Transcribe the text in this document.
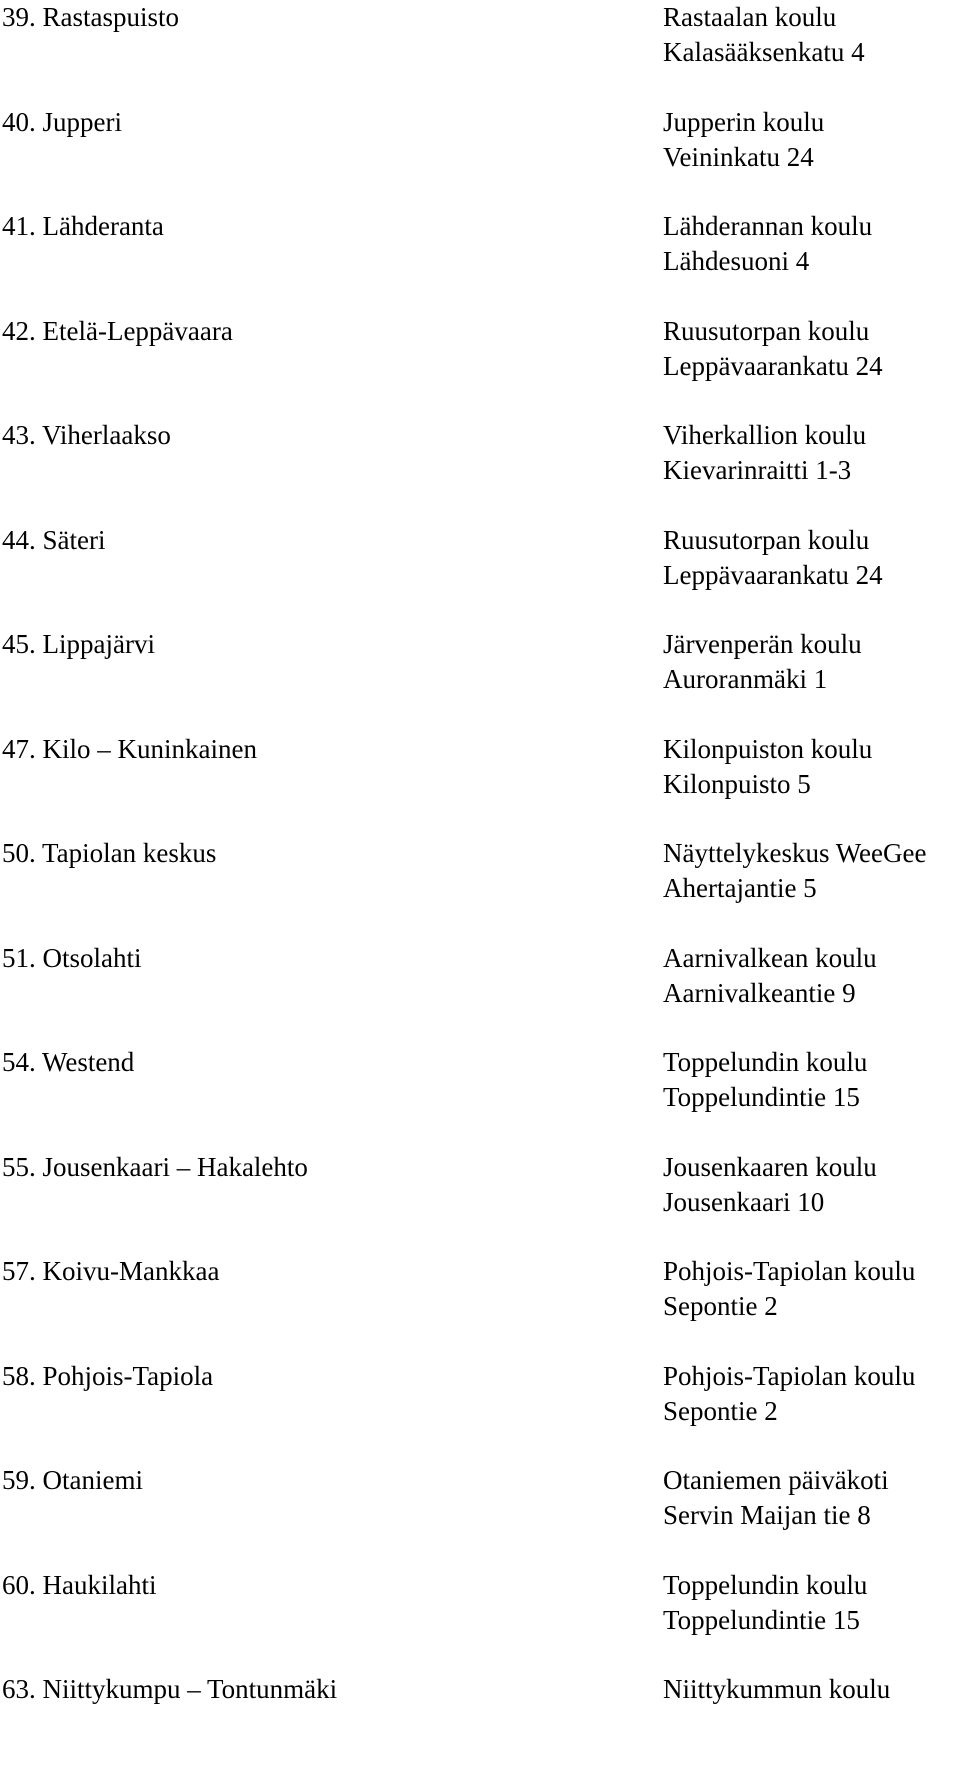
39. Rastaspuisto	Rastaalan koulu
Kalasääksenkatu 4
40. Jupperi	Jupperin koulu
Veininkatu 24
41. Lähderanta	Lähderannan koulu
Lähdesuoni 4
42. Etelä-Leppävaara	Ruusutorpan koulu
Leppävaarankatu 24
43. Viherlaakso	Viherkallion koulu
Kievarinraitti 1-3
44. Säteri	Ruusutorpan koulu
Leppävaarankatu 24
45. Lippajärvi	Järvenperän koulu
Auroranmäki 1
47. Kilo – Kuninkainen	Kilonpuiston koulu
Kilonpuisto 5
50. Tapiolan keskus	Näyttelykeskus WeeGee
Ahertajantie 5
51. Otsolahti	Aarnivalkean koulu
Aarnivalkeantie 9
54. Westend	Toppelundin koulu
Toppelundintie 15
55. Jousenkaari – Hakalehto	Jousenkaaren koulu
Jousenkaari 10
57. Koivu-Mankkaa	Pohjois-Tapiolan koulu
Sepontie 2
58. Pohjois-Tapiola	Pohjois-Tapiolan koulu
Sepontie 2
59. Otaniemi	Otaniemen päiväkoti
Servin Maijan tie 8
60. Haukilahti	Toppelundin koulu
Toppelundintie 15
63. Niittykumpu – Tontunmäki	Niittykummun koulu
